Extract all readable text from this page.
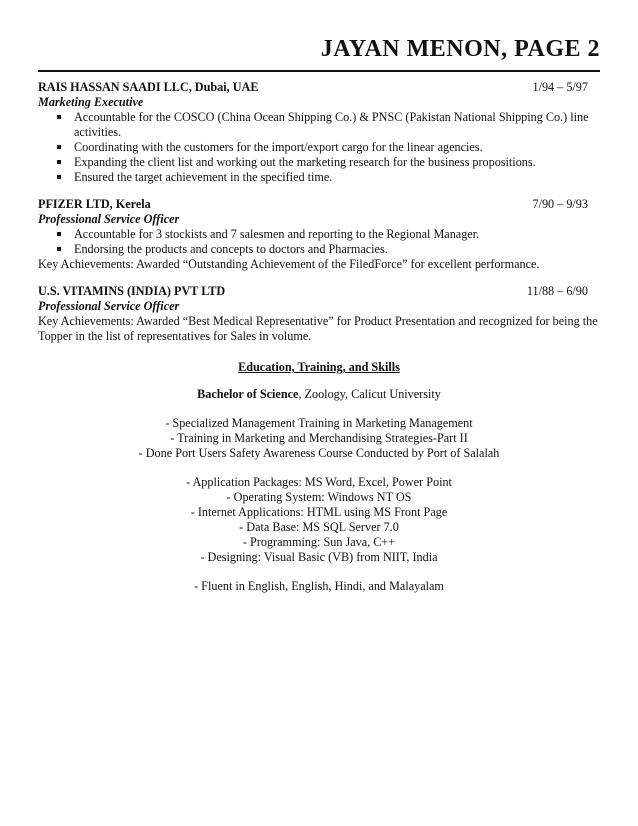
JAYAN MENON, PAGE 2
RAIS HASSAN SAADI LLC, Dubai, UAE	1/94 – 5/97
Marketing Executive
Accountable for the COSCO (China Ocean Shipping Co.) & PNSC (Pakistan National Shipping Co.) line activities.
Coordinating with the customers for the import/export cargo for the linear agencies.
Expanding the client list and working out the marketing research for the business propositions.
Ensured the target achievement in the specified time.
PFIZER LTD, Kerela	7/90 – 9/93
Professional Service Officer
Accountable for 3 stockists and 7 salesmen and reporting to the Regional Manager.
Endorsing the products and concepts to doctors and Pharmacies.
Key Achievements: Awarded “Outstanding Achievement of the FiledForce” for excellent performance.
U.S. VITAMINS (INDIA) PVT LTD	11/88 – 6/90
Professional Service Officer
Key Achievements: Awarded “Best Medical Representative” for Product Presentation and recognized for being the Topper in the list of representatives for Sales in volume.
Education, Training, and Skills
Bachelor of Science, Zoology, Calicut University
- Specialized Management Training in Marketing Management
- Training in Marketing and Merchandising Strategies-Part II
- Done Port Users Safety Awareness Course Conducted by Port of Salalah
- Application Packages: MS Word, Excel, Power Point
- Operating System: Windows NT OS
- Internet Applications: HTML using MS Front Page
- Data Base: MS SQL Server 7.0
- Programming: Sun Java, C++
- Designing: Visual Basic (VB) from NIIT, India
- Fluent in English, English, Hindi, and Malayalam
